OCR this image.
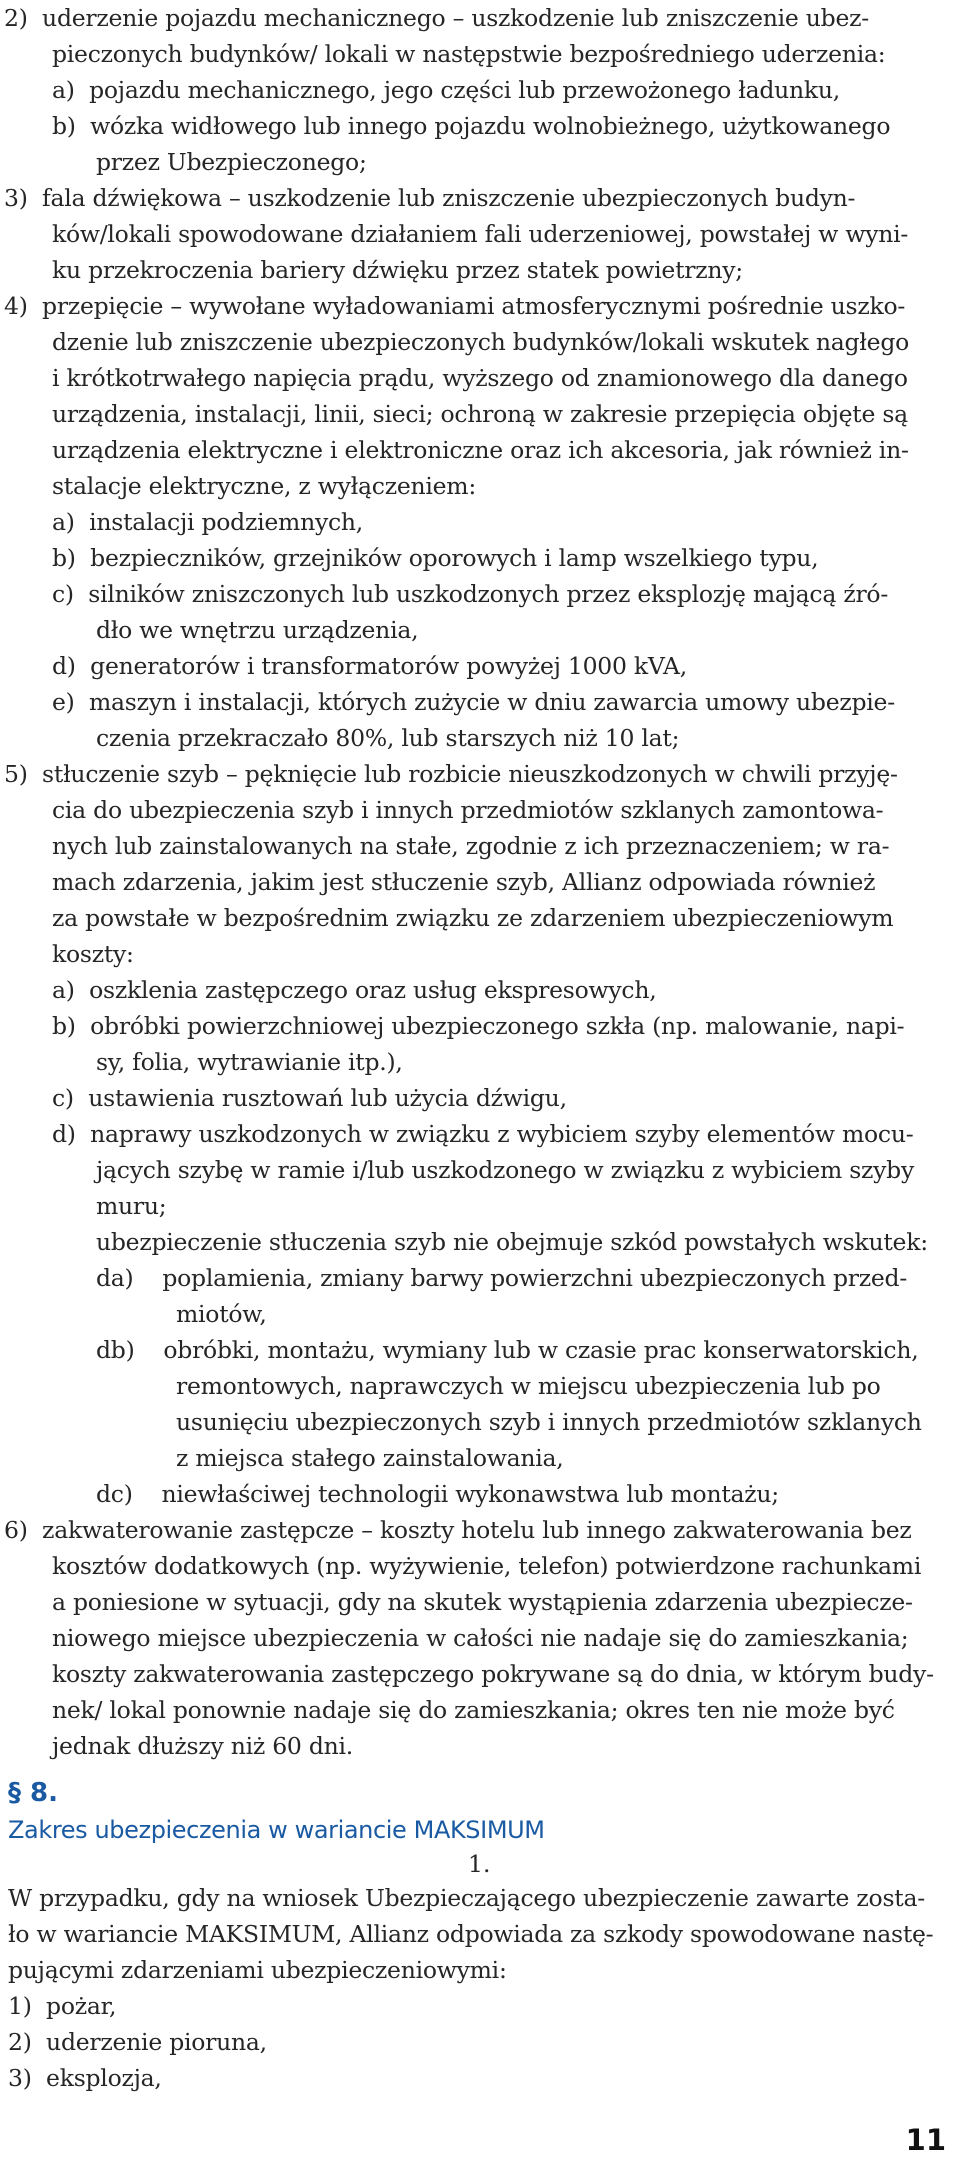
2)  uderzenie pojazdu mechanicznego – uszkodzenie lub zniszczenie ubez-
pieczonych budynków/ lokali w następstwie bezpośredniego uderzenia:
a)  pojazdu mechanicznego, jego części lub przewożonego ładunku,
b)  wózka widłowego lub innego pojazdu wolnobieżnego, użytkowanego
przez Ubezpieczonego;
3)  fala dźwiękowa – uszkodzenie lub zniszczenie ubezpieczonych budyn-
ków/lokali spowodowane działaniem fali uderzeniowej, powstałej w wyni-
ku przekroczenia bariery dźwięku przez statek powietrzny;
4)  przepięcie – wywołane wyładowaniami atmosferycznymi pośrednie uszko-
dzenie lub zniszczenie ubezpieczonych budynków/lokali wskutek nagłego
i krótkotrwałego napięcia prądu, wyższego od znamionowego dla danego
urządzenia, instalacji, linii, sieci; ochroną w zakresie przepięcia objęte są
urządzenia elektryczne i elektroniczne oraz ich akcesoria, jak również in-
stalacje elektryczne, z wyłączeniem:
a)  instalacji podziemnych,
b)  bezpieczników, grzejników oporowych i lamp wszelkiego typu,
c)  silników zniszczonych lub uszkodzonych przez eksplozję mającą źró-
dło we wnętrzu urządzenia,
d)  generatorów i transformatorów powyżej 1000 kVA,
e)  maszyn i instalacji, których zużycie w dniu zawarcia umowy ubezpie-
czenia przekraczało 80%, lub starszych niż 10 lat;
5)  stłuczenie szyb – pęknięcie lub rozbicie nieuszkodzonych w chwili przyję-
cia do ubezpieczenia szyb i innych przedmiotów szklanych zamontowa-
nych lub zainstalowanych na stałe, zgodnie z ich przeznaczeniem; w ra-
mach zdarzenia, jakim jest stłuczenie szyb, Allianz odpowiada również
za powstałe w bezpośrednim związku ze zdarzeniem ubezpieczeniowym
koszty:
a)  oszklenia zastępczego oraz usług ekspresowych,
b)  obróbki powierzchniowej ubezpieczonego szkła (np. malowanie, napi-
sy, folia, wytrawianie itp.),
c)  ustawienia rusztowań lub użycia dźwigu,
d)  naprawy uszkodzonych w związku z wybiciem szyby elementów mocu-
jących szybę w ramie i/lub uszkodzonego w związku z wybiciem szyby
muru;
ubezpieczenie stłuczenia szyb nie obejmuje szkód powstałych wskutek:
da)    poplamienia, zmiany barwy powierzchni ubezpieczonych przed-
miotów,
db)    obróbki, montażu, wymiany lub w czasie prac konserwatorskich,
remontowych, naprawczych w miejscu ubezpieczenia lub po
usunięciu ubezpieczonych szyb i innych przedmiotów szklanych
z miejsca stałego zainstalowania,
dc)    niewłaściwej technologii wykonawstwa lub montażu;
6)  zakwaterowanie zastępcze – koszty hotelu lub innego zakwaterowania bez
kosztów dodatkowych (np. wyżywienie, telefon) potwierdzone rachunkami
a poniesione w sytuacji, gdy na skutek wystąpienia zdarzenia ubezpiecze-
niowego miejsce ubezpieczenia w całości nie nadaje się do zamieszkania;
koszty zakwaterowania zastępczego pokrywane są do dnia, w którym budy-
nek/ lokal ponownie nadaje się do zamieszkania; okres ten nie może być
jednak dłuższy niż 60 dni.
§ 8.
Zakres ubezpieczenia w wariancie MAKSIMUM
1.
W przypadku, gdy na wniosek Ubezpieczającego ubezpieczenie zawarte zosta-
ło w wariancie MAKSIMUM, Allianz odpowiada za szkody spowodowane nastę-
pującymi zdarzeniami ubezpieczeniowymi:
1)  pożar,
2)  uderzenie pioruna,
3)  eksplozja,
11
